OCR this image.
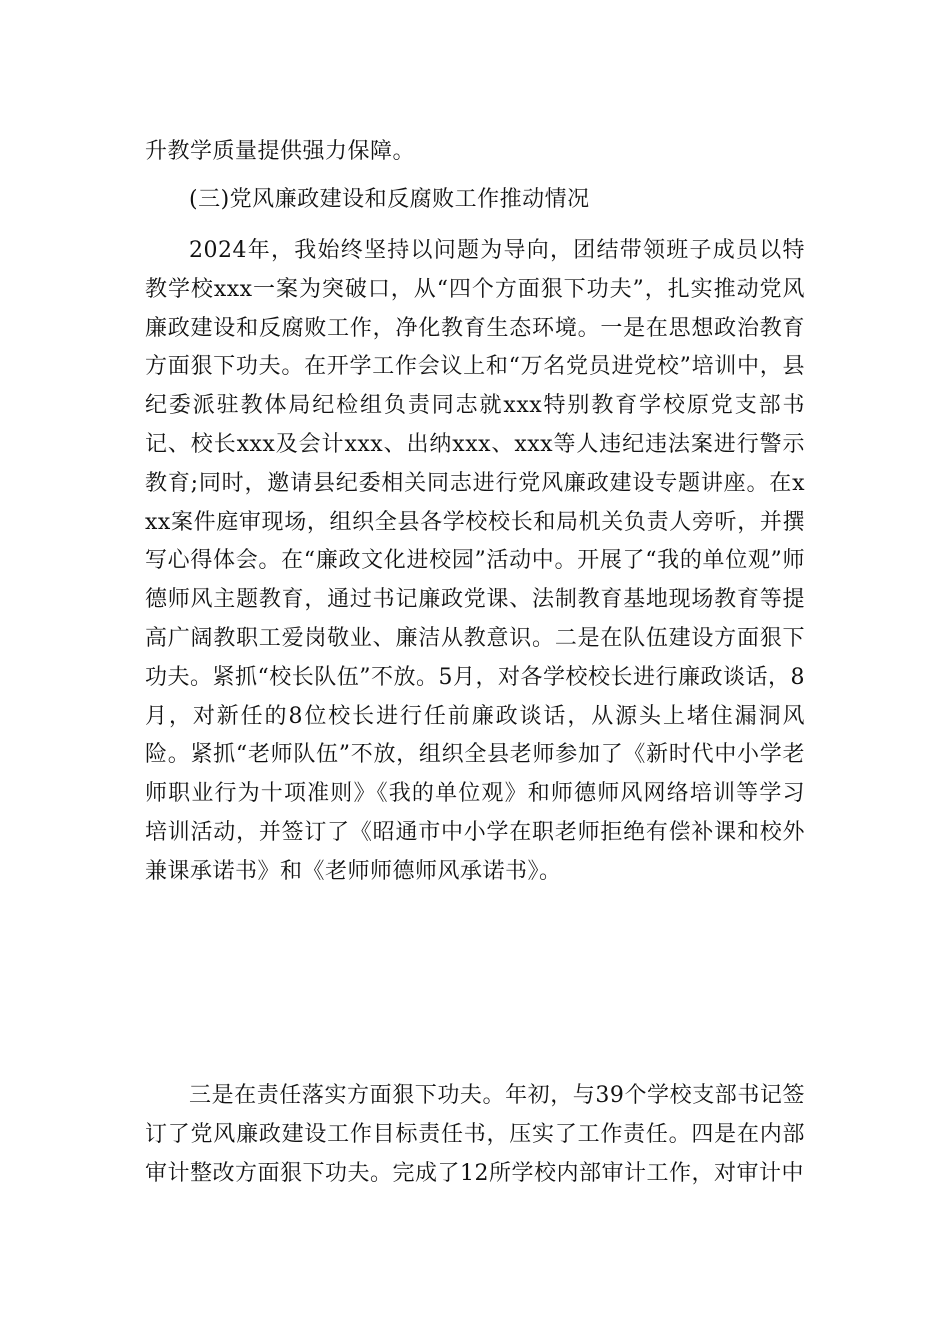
升教学质量提供强力保障。

(三)党风廉政建设和反腐败工作推动情况

2024年，我始终坚持以问题为导向，团结带领班子成员以特教学校xxx一案为突破口，从“四个方面狠下功夫”，扎实推动党风廉政建设和反腐败工作，净化教育生态环境。一是在思想政治教育方面狠下功夫。在开学工作会议上和“万名党员进党校”培训中，县纪委派驻教体局纪检组负责同志就xxx特别教育学校原党支部书记、校长xxx及会计xxx、出纳xxx、xxx等人违纪违法案进行警示教育;同时，邀请县纪委相关同志进行党风廉政建设专题讲座。在xxx案件庭审现场，组织全县各学校校长和局机关负责人旁听，并撰写心得体会。在“廉政文化进校园”活动中。开展了“我的单位观”师德师风主题教育，通过书记廉政党课、法制教育基地现场教育等提高广阔教职工爱岗敬业、廉洁从教意识。二是在队伍建设方面狠下功夫。紧抓“校长队伍”不放。5月，对各学校校长进行廉政谈话，8月，对新任的8位校长进行任前廉政谈话，从源头上堵住漏洞风险。紧抓“老师队伍”不放，组织全县老师参加了《新时代中小学老师职业行为十项准则》《我的单位观》和师德师风网络培训等学习培训活动，并签订了《昭通市中小学在职老师拒绝有偿补课和校外兼课承诺书》和《老师师德师风承诺书》。

三是在责任落实方面狠下功夫。年初，与39个学校支部书记签订了党风廉政建设工作目标责任书，压实了工作责任。四是在内部审计整改方面狠下功夫。完成了12所学校内部审计工作，对审计中
